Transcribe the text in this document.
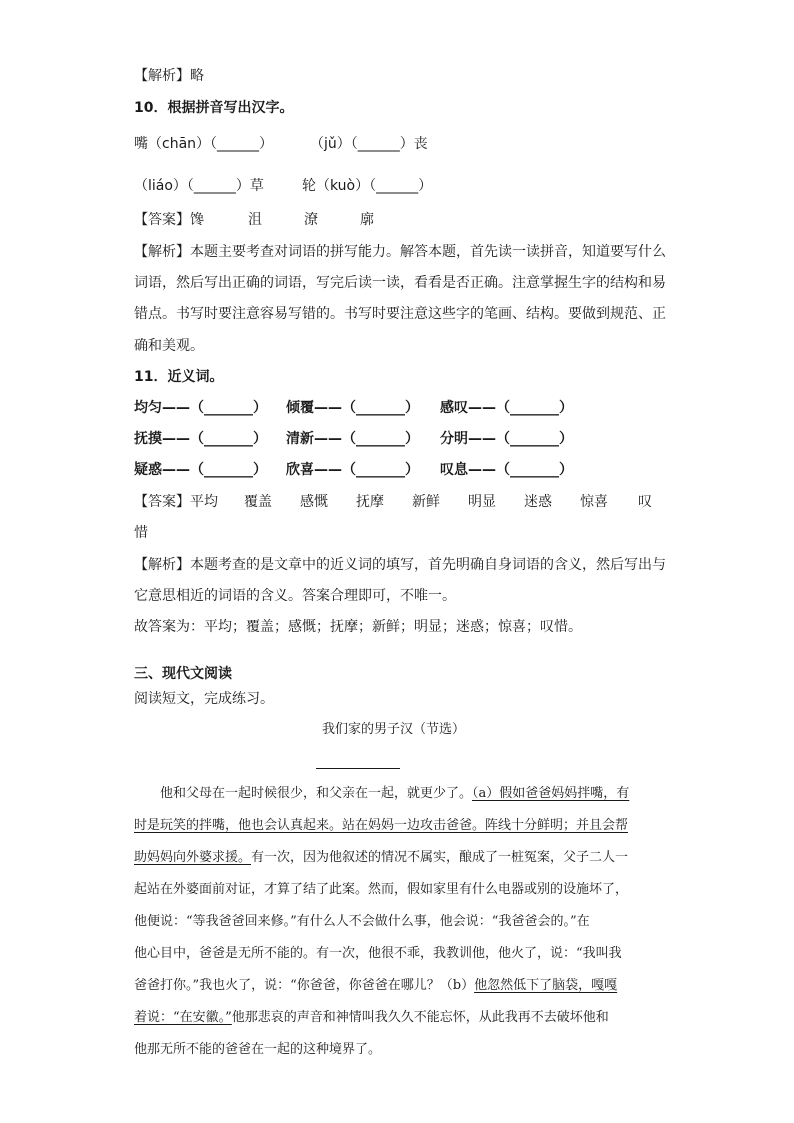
【解析】略
10．根据拼音写出汉字。
嘴（chān）（______）	（jǔ）（______）丧
（liáo）（______）草	轮（kuò）（______）
【答案】 馋	沮	潦	廓
【解析】本题主要考查对词语的拼写能力。解答本题，首先读一读拼音，知道要写什么
词语，然后写出正确的词语，写完后读一读，看看是否正确。注意掌握生字的结构和易
错点。书写时要注意容易写错的。书写时要注意这些字的笔画、结构。要做到规范、正
确和美观。
11．近义词。
均匀——（_______） 倾覆——（_______） 感叹——（_______）
抚摸——（_______） 清新——（_______） 分明——（_______）
疑惑——（_______） 欣喜——（_______） 叹息——（_______）
【答案】 平均 覆盖 感慨 抚摩 新鲜 明显 迷惑 惊喜 叹
惜
【解析】本题考查的是文章中的近义词的填写，首先明确自身词语的含义，然后写出与
它意思相近的词语的含义。答案合理即可，不唯一。
故答案为：平均；覆盖；感慨；抚摩；新鲜；明显；迷惑；惊喜；叹惜。
三、现代文阅读
阅读短文，完成练习。
我们家的男子汉（节选）
他和父母在一起时候很少，和父亲在一起，就更少了。（a）假如爸爸妈妈拌嘴，有
时是玩笑的拌嘴，他也会认真起来。站在妈妈一边攻击爸爸。阵线十分鲜明；并且会帮
助妈妈向外婆求援。有一次，因为他叙述的情况不属实，酿成了一桩冤案，父子二人一
起站在外婆面前对证，才算了结了此案。然而，假如家里有什么电器或别的设施坏了，
他便说：“等我爸爸回来修。”有什么人不会做什么事，他会说：“我爸爸会的。”在
他心目中，爸爸是无所不能的。有一次，他很不乖，我教训他，他火了，说：“我叫我
爸爸打你。”我也火了，说：“你爸爸，你爸爸在哪儿？（b）他忽然低下了脑袋，嘎嘎
着说：“在安徽。”他那悲哀的声音和神情叫我久久不能忘怀，从此我再不去破坏他和
他那无所不能的爸爸在一起的这种境界了。
